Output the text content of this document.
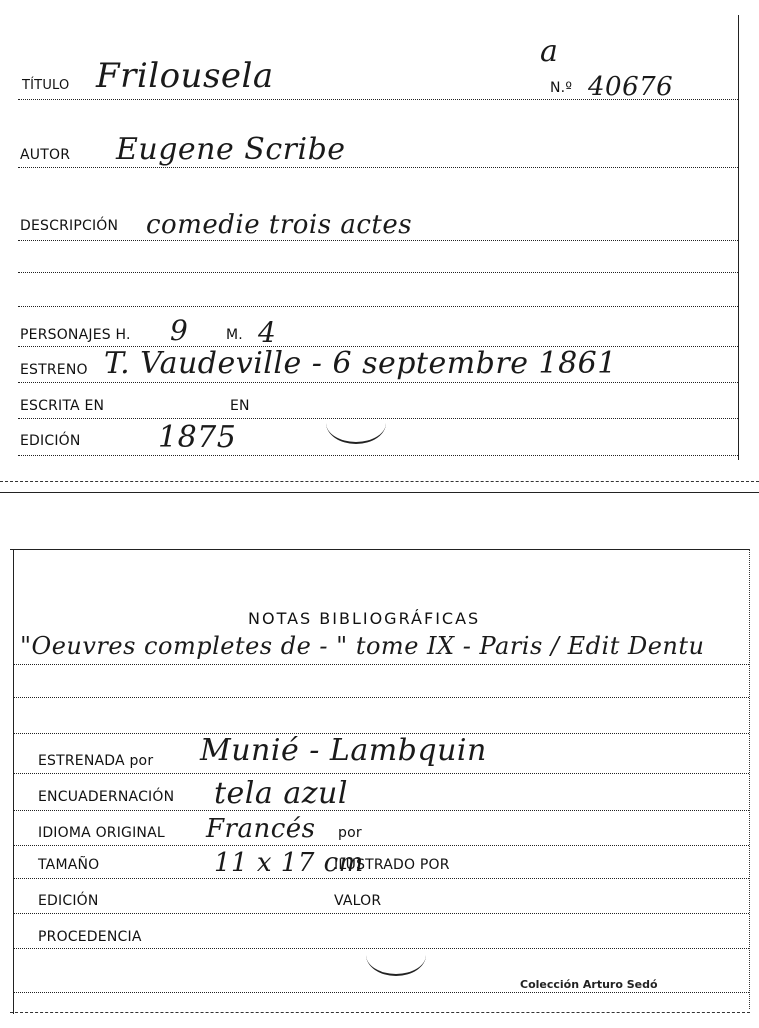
TÍTULO Frilousela
a
N.º 40676
AUTOR Eugene Scribe
DESCRIPCIÓN comedie trois actes
PERSONAJES H. 9	M. 4
ESTRENO T. Vaudeville - 6 septembre 1861
ESCRITA EN	EN
EDICIÓN	1875
NOTAS BIBLIOGRÁFICAS
"Oeuvres completes de - " tome IX - Paris / Edit Dentu
ESTRENADA por Munié - Lambquin
ENCUADERNACIÓN tela azul
IDIOMA ORIGINAL Francés por
TAMAÑO	11 x 17 cm
ILUSTRADO POR
EDICIÓN	VALOR
PROCEDENCIA
Colección Arturo Sedó
